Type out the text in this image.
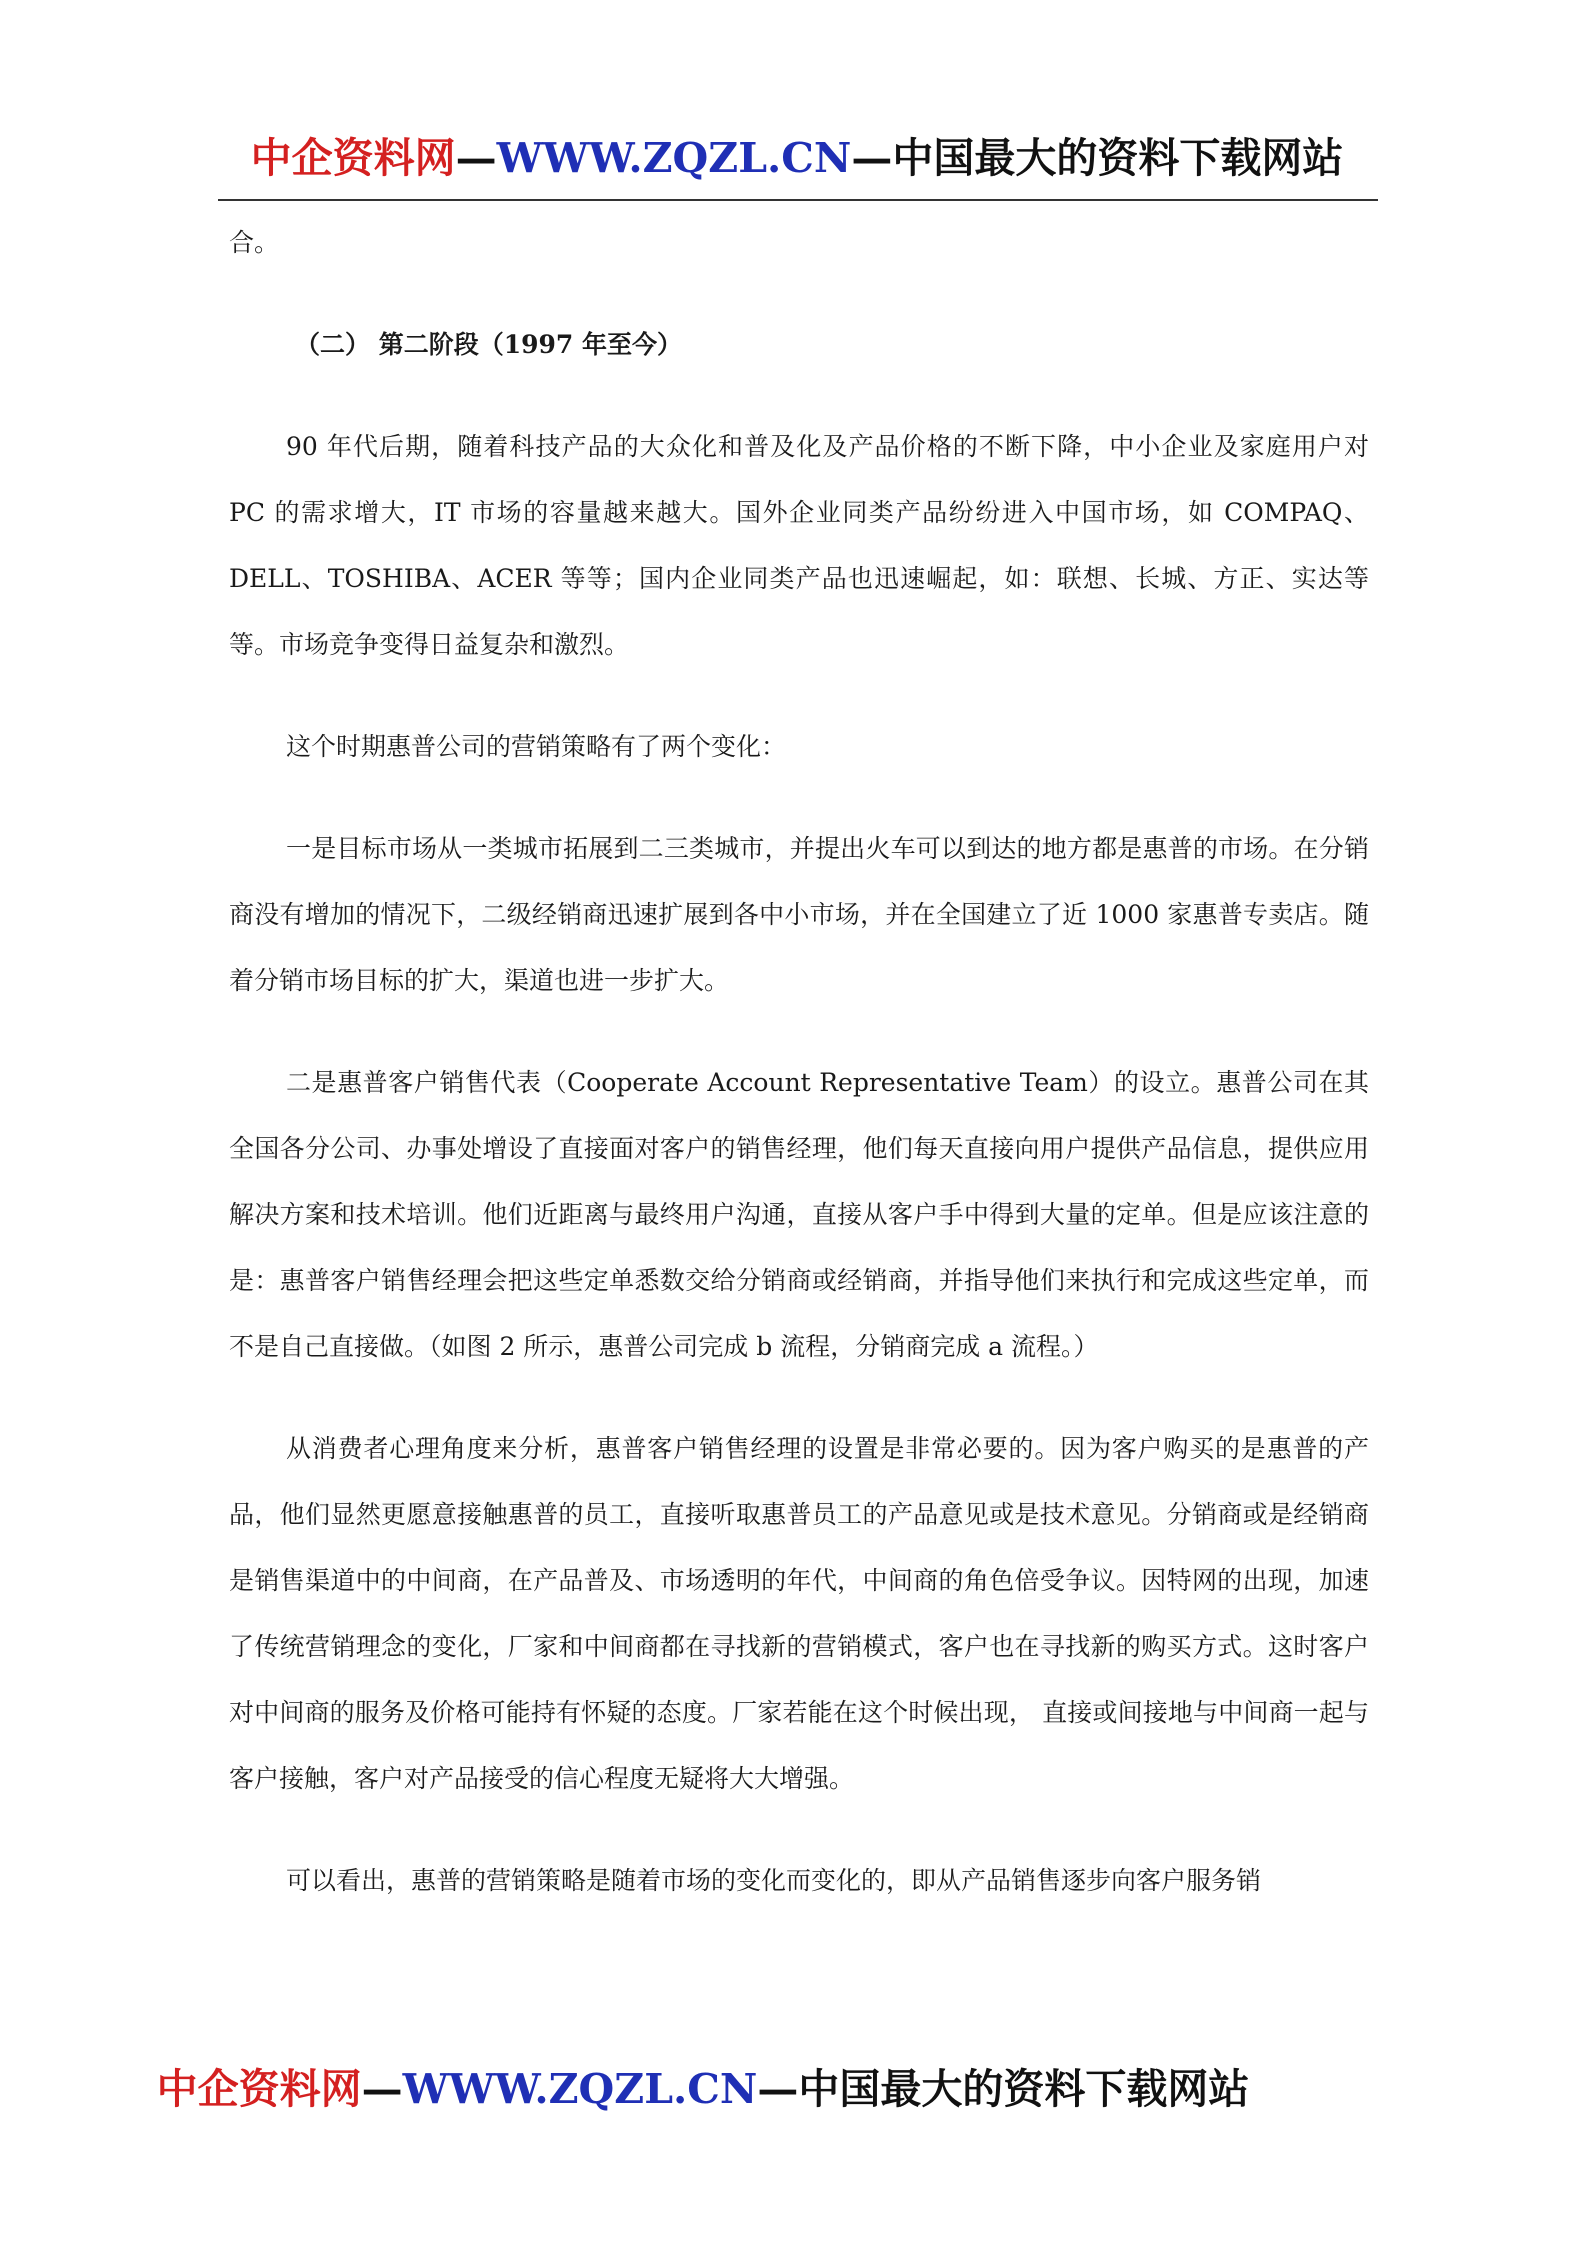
中企资料网—WWW.ZQZL.CN—中国最大的资料下载网站

合。

（二） 第二阶段（1997 年至今）

90 年代后期，随着科技产品的大众化和普及化及产品价格的不断下降，中小企业及家庭用户对 PC 的需求增大，IT 市场的容量越来越大。国外企业同类产品纷纷进入中国市场，如 COMPAQ、DELL、TOSHIBA、ACER 等等；国内企业同类产品也迅速崛起，如：联想、长城、方正、实达等等。市场竞争变得日益复杂和激烈。

这个时期惠普公司的营销策略有了两个变化：

一是目标市场从一类城市拓展到二三类城市，并提出火车可以到达的地方都是惠普的市场。在分销商没有增加的情况下，二级经销商迅速扩展到各中小市场，并在全国建立了近 1000 家惠普专卖店。随着分销市场目标的扩大，渠道也进一步扩大。

二是惠普客户销售代表（Cooperate Account Representative Team）的设立。惠普公司在其全国各分公司、办事处增设了直接面对客户的销售经理，他们每天直接向用户提供产品信息，提供应用解决方案和技术培训。他们近距离与最终用户沟通，直接从客户手中得到大量的定单。但是应该注意的是：惠普客户销售经理会把这些定单悉数交给分销商或经销商，并指导他们来执行和完成这些定单，而不是自己直接做。（如图 2 所示，惠普公司完成 b 流程，分销商完成 a 流程。）

从消费者心理角度来分析，惠普客户销售经理的设置是非常必要的。因为客户购买的是惠普的产品，他们显然更愿意接触惠普的员工，直接听取惠普员工的产品意见或是技术意见。分销商或是经销商是销售渠道中的中间商，在产品普及、市场透明的年代，中间商的角色倍受争议。因特网的出现，加速了传统营销理念的变化，厂家和中间商都在寻找新的营销模式，客户也在寻找新的购买方式。这时客户对中间商的服务及价格可能持有怀疑的态度。厂家若能在这个时候出现， 直接或间接地与中间商一起与客户接触，客户对产品接受的信心程度无疑将大大增强。

可以看出，惠普的营销策略是随着市场的变化而变化的，即从产品销售逐步向客户服务销

中企资料网—WWW.ZQZL.CN—中国最大的资料下载网站
